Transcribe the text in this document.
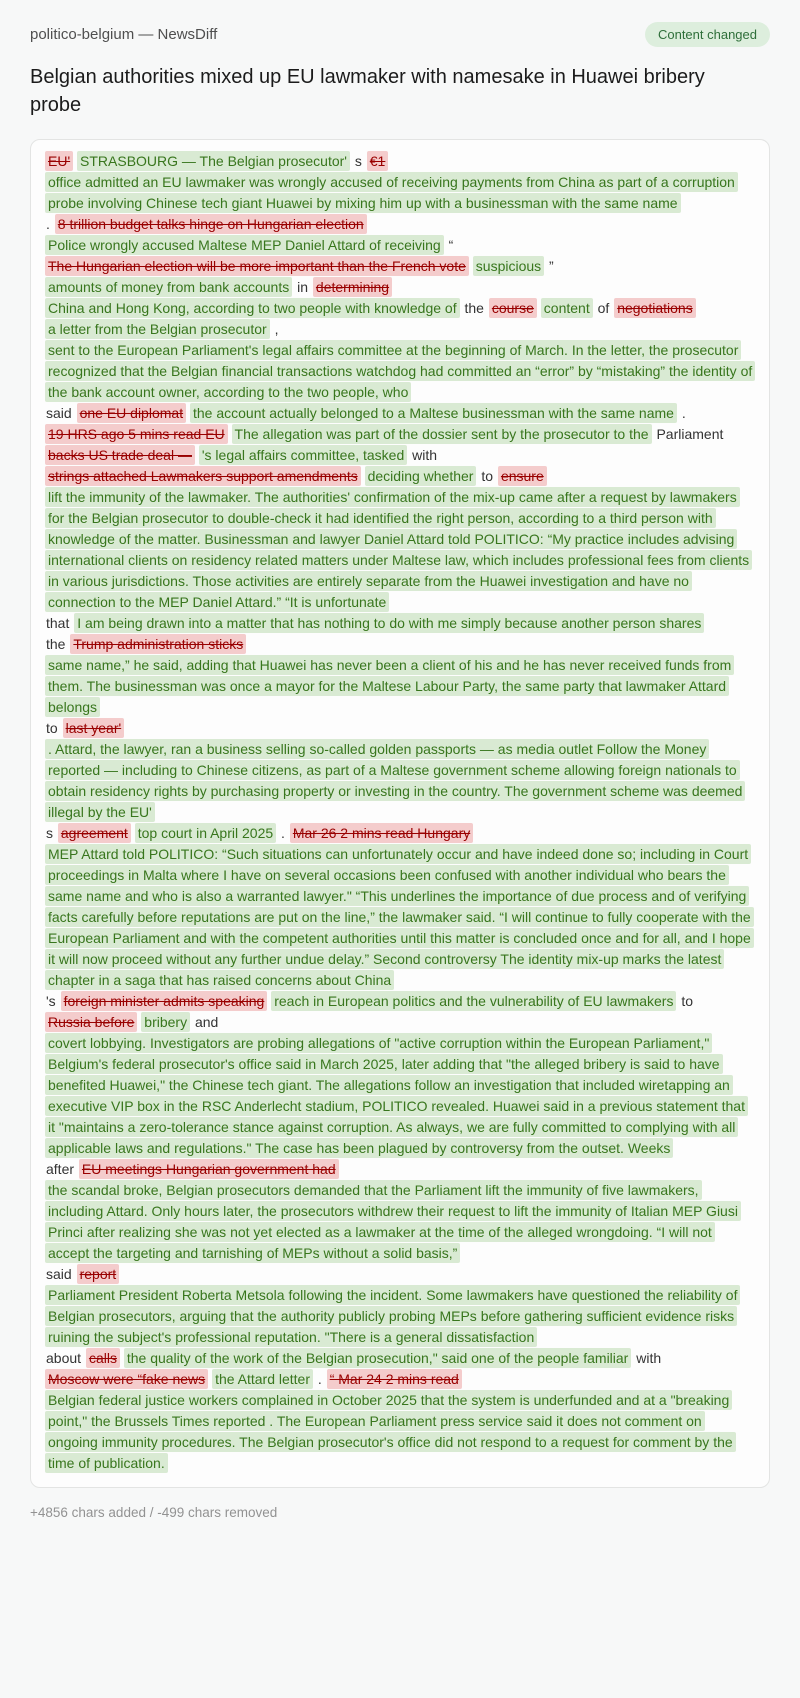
politico-belgium — NewsDiff	Content changed
Belgian authorities mixed up EU lawmaker with namesake in Huawei bribery probe
EU' STRASBOURG — The Belgian prosecutor' s €1
office admitted an EU lawmaker was wrongly accused of receiving payments from China as part of a corruption probe involving Chinese tech giant Huawei by mixing him up with a businessman with the same name
. 8 trillion budget talks hinge on Hungarian election
Police wrongly accused Maltese MEP Daniel Attard of receiving “
The Hungarian election will be more important than the French vote suspicious ”
amounts of money from bank accounts in determining
China and Hong Kong, according to two people with knowledge of the course content of negotiations
a letter from the Belgian prosecutor ,
sent to the European Parliament's legal affairs committee at the beginning of March. In the letter, the prosecutor recognized that the Belgian financial transactions watchdog had committed an “error” by “mistaking” the identity of the bank account owner, according to the two people, who
said one EU diplomat the account actually belonged to a Maltese businessman with the same name .
19 HRS ago 5 mins read EU The allegation was part of the dossier sent by the prosecutor to the Parliament
backs US trade deal — 's legal affairs committee, tasked with
strings attached Lawmakers support amendments deciding whether to ensure
lift the immunity of the lawmaker. The authorities' confirmation of the mix-up came after a request by lawmakers for the Belgian prosecutor to double-check it had identified the right person, according to a third person with knowledge of the matter. Businessman and lawyer Daniel Attard told POLITICO: “My practice includes advising international clients on residency related matters under Maltese law, which includes professional fees from clients in various jurisdictions. Those activities are entirely separate from the Huawei investigation and have no connection to the MEP Daniel Attard.” “It is unfortunate
that I am being drawn into a matter that has nothing to do with me simply because another person shares
the Trump administration sticks
same name,” he said, adding that Huawei has never been a client of his and he has never received funds from them. The businessman was once a mayor for the Maltese Labour Party, the same party that lawmaker Attard belongs
to last year'
. Attard, the lawyer, ran a business selling so-called golden passports — as media outlet Follow the Money reported — including to Chinese citizens, as part of a Maltese government scheme allowing foreign nationals to obtain residency rights by purchasing property or investing in the country. The government scheme was deemed illegal by the EU'
s agreement top court in April 2025 . Mar 26 2 mins read Hungary
MEP Attard told POLITICO: “Such situations can unfortunately occur and have indeed done so; including in Court proceedings in Malta where I have on several occasions been confused with another individual who bears the same name and who is also a warranted lawyer." “This underlines the importance of due process and of verifying facts carefully before reputations are put on the line,” the lawmaker said. “I will continue to fully cooperate with the European Parliament and with the competent authorities until this matter is concluded once and for all, and I hope it will now proceed without any further undue delay.” Second controversy The identity mix-up marks the latest chapter in a saga that has raised concerns about China
's foreign minister admits speaking reach in European politics and the vulnerability of EU lawmakers to
Russia before bribery and
covert lobbying. Investigators are probing allegations of "active corruption within the European Parliament," Belgium's federal prosecutor's office said in March 2025, later adding that "the alleged bribery is said to have benefited Huawei," the Chinese tech giant. The allegations follow an investigation that included wiretapping an executive VIP box in the RSC Anderlecht stadium, POLITICO revealed. Huawei said in a previous statement that it "maintains a zero-tolerance stance against corruption. As always, we are fully committed to complying with all applicable laws and regulations." The case has been plagued by controversy from the outset. Weeks
after EU meetings Hungarian government had
the scandal broke, Belgian prosecutors demanded that the Parliament lift the immunity of five lawmakers, including Attard. Only hours later, the prosecutors withdrew their request to lift the immunity of Italian MEP Giusi Princi after realizing she was not yet elected as a lawmaker at the time of the alleged wrongdoing. “I will not accept the targeting and tarnishing of MEPs without a solid basis,”
said report
Parliament President Roberta Metsola following the incident. Some lawmakers have questioned the reliability of Belgian prosecutors, arguing that the authority publicly probing MEPs before gathering sufficient evidence risks ruining the subject's professional reputation. "There is a general dissatisfaction
about calls the quality of the work of the Belgian prosecution," said one of the people familiar with
Moscow were “fake news the Attard letter . “ Mar 24 2 mins read
Belgian federal justice workers complained in October 2025 that the system is underfunded and at a "breaking point," the Brussels Times reported . The European Parliament press service said it does not comment on ongoing immunity procedures. The Belgian prosecutor's office did not respond to a request for comment by the time of publication.
+4856 chars added / -499 chars removed
